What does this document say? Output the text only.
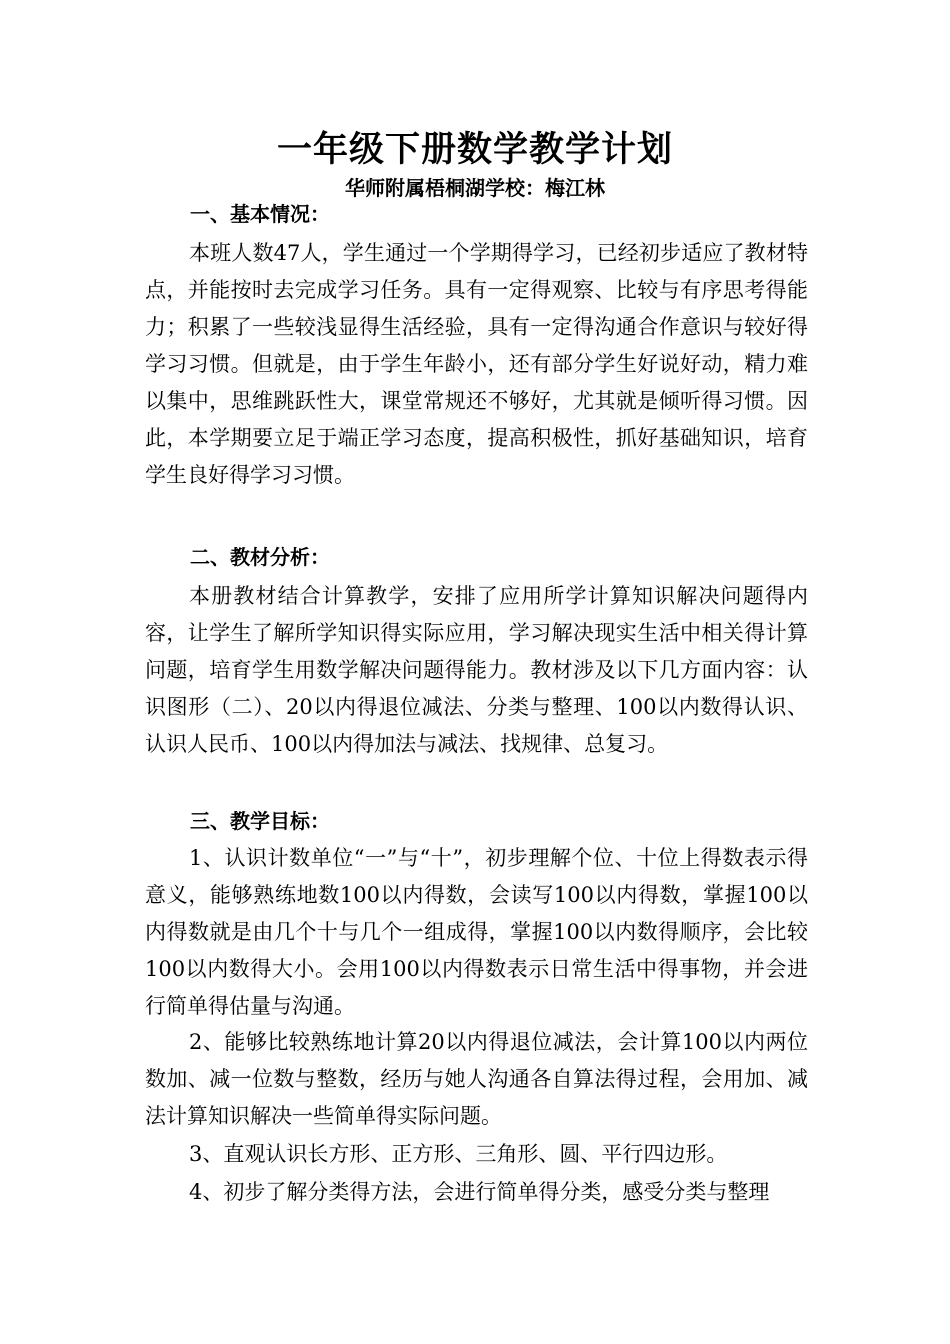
一年级下册数学教学计划
华师附属梧桐湖学校：梅江林
一、基本情况：
本班人数47人，学生通过一个学期得学习，已经初步适应了教材特点，并能按时去完成学习任务。具有一定得观察、比较与有序思考得能力；积累了一些较浅显得生活经验，具有一定得沟通合作意识与较好得学习习惯。但就是，由于学生年龄小，还有部分学生好说好动，精力难以集中，思维跳跃性大，课堂常规还不够好，尤其就是倾听得习惯。因此，本学期要立足于端正学习态度，提高积极性，抓好基础知识，培育学生良好得学习习惯。
二、教材分析：
本册教材结合计算教学，安排了应用所学计算知识解决问题得内容，让学生了解所学知识得实际应用，学习解决现实生活中相关得计算问题，培育学生用数学解决问题得能力。教材涉及以下几方面内容：认识图形（二）、20以内得退位减法、分类与整理、100以内数得认识、认识人民币、100以内得加法与减法、找规律、总复习。
三、教学目标：
1、认识计数单位“一”与“十”，初步理解个位、十位上得数表示得意义，能够熟练地数100以内得数，会读写100以内得数，掌握100以内得数就是由几个十与几个一组成得，掌握100以内数得顺序，会比较100以内数得大小。会用100以内得数表示日常生活中得事物，并会进行简单得估量与沟通。
2、能够比较熟练地计算20以内得退位减法，会计算100以内两位数加、减一位数与整数，经历与她人沟通各自算法得过程，会用加、减法计算知识解决一些简单得实际问题。
3、直观认识长方形、正方形、三角形、圆、平行四边形。
4、初步了解分类得方法，会进行简单得分类，感受分类与整理
